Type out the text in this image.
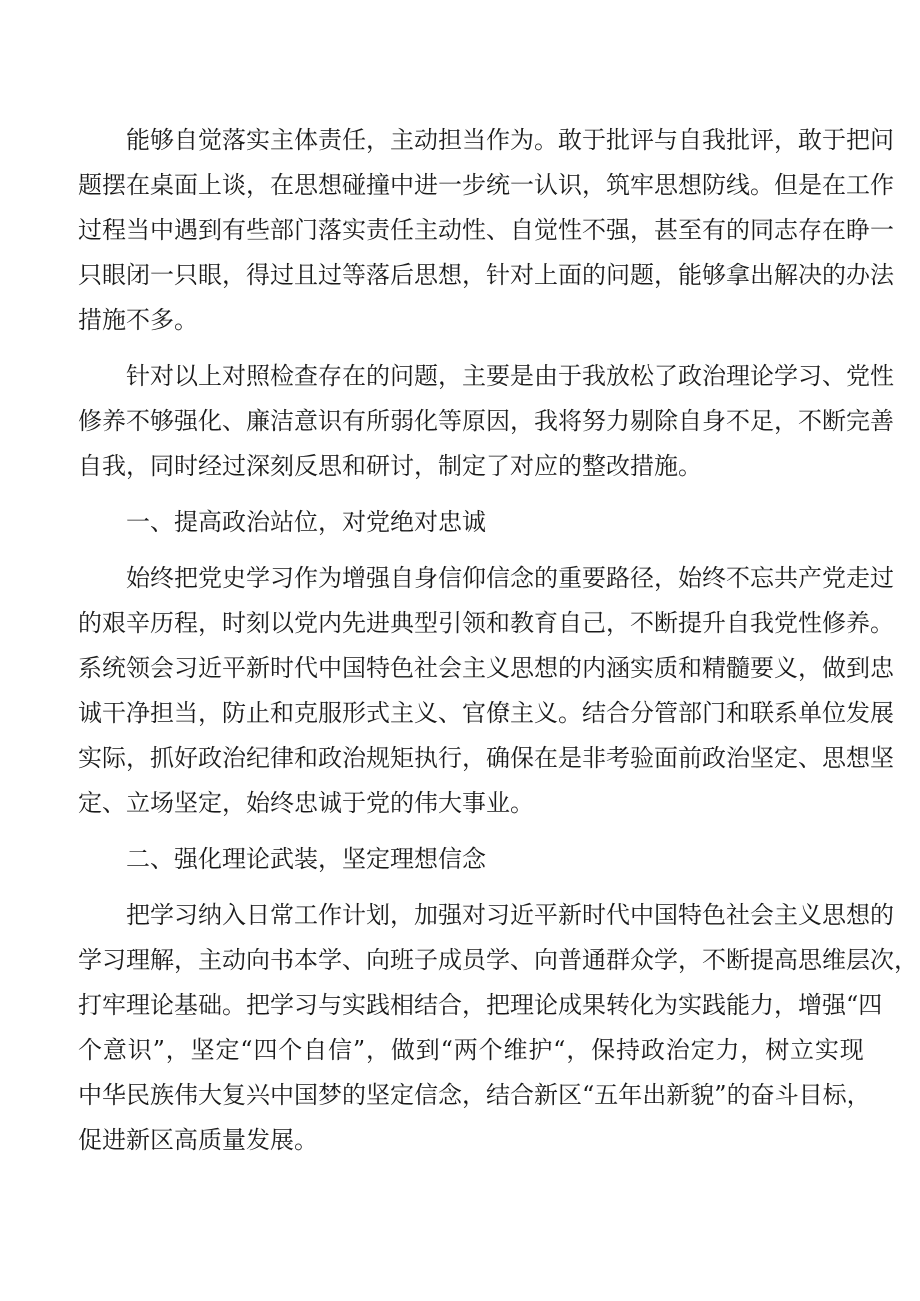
能 够 自 觉 落 实 主 体 责 任 ， 主 动 担 当 作 为 。 敢 于 批 评 与 自 我 批 评 ， 敢 于 把 问
题 摆 在 桌 面 上 谈 ， 在 思 想 碰 撞 中 进 一 步 统 一 认 识 ， 筑 牢 思 想 防 线 。 但 是 在 工 作
过 程 当 中 遇 到 有 些 部 门 落 实 责 任 主 动 性 、 自 觉 性 不 强 ， 甚 至 有 的 同 志 存 在 睁 一
只 眼 闭 一 只 眼 ， 得 过 且 过 等 落 后 思 想 ， 针 对 上 面 的 问 题 ， 能 够 拿 出 解 决 的 办 法
措施不多。
针 对 以 上 对 照 检 查 存 在 的 问 题 ， 主 要 是 由 于 我 放 松 了 政 治 理 论 学 习 、 党 性
修 养 不 够 强 化 、 廉 洁 意 识 有 所 弱 化 等 原 因 ， 我 将 努 力 剔 除 自 身 不 足 ， 不 断 完 善
自我，同时经过深刻反思和研讨，制定了对应的整改措施。
一、提高政治站位，对党绝对忠诚
始 终 把 党 史 学 习 作 为 增 强 自 身 信 仰 信 念 的 重 要 路 径 ， 始 终 不 忘 共 产 党 走 过
的 艰 辛 历 程 ， 时 刻 以 党 内 先 进 典 型 引 领 和 教 育 自 己 ， 不 断 提 升 自 我 党 性 修 养 。
系 统 领 会 习 近 平 新 时 代 中 国 特 色 社 会 主 义 思 想 的 内 涵 实 质 和 精 髓 要 义 ， 做 到 忠
诚 干 净 担 当 ， 防 止 和 克 服 形 式 主 义 、 官 僚 主 义 。 结 合 分 管 部 门 和 联 系 单 位 发 展
实 际 ， 抓 好 政 治 纪 律 和 政 治 规 矩 执 行 ， 确 保 在 是 非 考 验 面 前 政 治 坚 定 、 思 想 坚
定、立场坚定，始终忠诚于党的伟大事业。
二、强化理论武装，坚定理想信念
把 学 习 纳 入 日 常 工 作 计 划 ， 加 强 对 习 近 平 新 时 代 中 国 特 色 社 会 主 义 思 想 的
学 习 理 解 ， 主 动 向 书 本 学 、 向 班 子 成 员 学 、 向 普 通 群 众 学 ， 不 断 提 高 思 维 层 次 ，
打 牢 理 论 基 础 。 把 学 习 与 实 践 相 结 合 ， 把 理 论 成 果 转 化 为 实 践 能 力 ， 增 强 “ 四
个 意 识 ” ， 坚 定 “ 四 个 自 信 ” ， 做 到 “ 两 个 维 护 “ ， 保 持 政 治 定 力 ， 树 立 实 现
中 华 民 族 伟 大 复 兴 中 国 梦 的 坚 定 信 念 ， 结 合 新 区 “ 五 年 出 新 貌 ” 的 奋 斗 目 标 ，
促进新区高质量发展。
